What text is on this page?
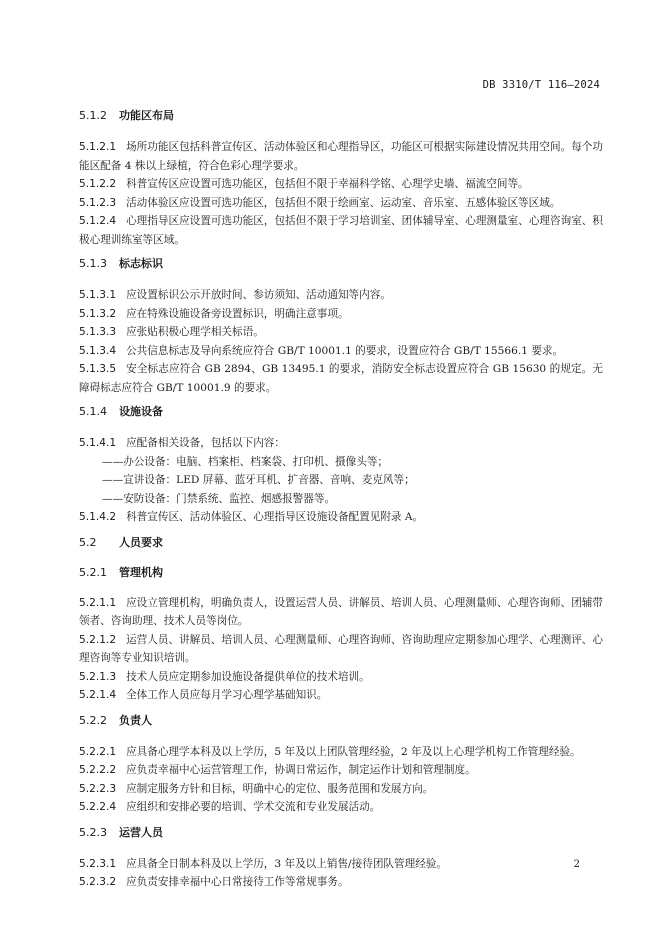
DB 3310/T 116—2024
5.1.2 功能区布局
5.1.2.1 场所功能区包括科普宣传区、活动体验区和心理指导区，功能区可根据实际建设情况共用空间。每个功能区配备 4 株以上绿植，符合色彩心理学要求。
5.1.2.2 科普宣传区应设置可选功能区，包括但不限于幸福科学铭、心理学史墙、福流空间等。
5.1.2.3 活动体验区应设置可选功能区，包括但不限于绘画室、运动室、音乐室、五感体验区等区域。
5.1.2.4 心理指导区应设置可选功能区，包括但不限于学习培训室、团体辅导室、心理测量室、心理咨询室、积极心理训练室等区域。
5.1.3 标志标识
5.1.3.1 应设置标识公示开放时间、参访须知、活动通知等内容。
5.1.3.2 应在特殊设施设备旁设置标识，明确注意事项。
5.1.3.3 应张贴积极心理学相关标语。
5.1.3.4 公共信息标志及导向系统应符合 GB/T 10001.1 的要求，设置应符合 GB/T 15566.1 要求。
5.1.3.5 安全标志应符合 GB 2894、GB 13495.1 的要求，消防安全标志设置应符合 GB 15630 的规定。无障碍标志应符合 GB/T 10001.9 的要求。
5.1.4 设施设备
5.1.4.1 应配备相关设备，包括以下内容：
——办公设备：电脑、档案柜、档案袋、打印机、摄像头等；
——宣讲设备：LED 屏幕、蓝牙耳机、扩音器、音响、麦克风等；
——安防设备：门禁系统、监控、烟感报警器等。
5.1.4.2 科普宣传区、活动体验区、心理指导区设施设备配置见附录 A。
5.2 人员要求
5.2.1 管理机构
5.2.1.1 应设立管理机构，明确负责人，设置运营人员、讲解员、培训人员、心理测量师、心理咨询师、团辅带领者、咨询助理、技术人员等岗位。
5.2.1.2 运营人员、讲解员、培训人员、心理测量师、心理咨询师、咨询助理应定期参加心理学、心理测评、心理咨询等专业知识培训。
5.2.1.3 技术人员应定期参加设施设备提供单位的技术培训。
5.2.1.4 全体工作人员应每月学习心理学基础知识。
5.2.2 负责人
5.2.2.1 应具备心理学本科及以上学历，5 年及以上团队管理经验，2 年及以上心理学机构工作管理经验。
5.2.2.2 应负责幸福中心运营管理工作，协调日常运作，制定运作计划和管理制度。
5.2.2.3 应制定服务方针和目标，明确中心的定位、服务范围和发展方向。
5.2.2.4 应组织和安排必要的培训、学术交流和专业发展活动。
5.2.3 运营人员
5.2.3.1 应具备全日制本科及以上学历，3 年及以上销售/接待团队管理经验。
5.2.3.2 应负责安排幸福中心日常接待工作等常规事务。
2
